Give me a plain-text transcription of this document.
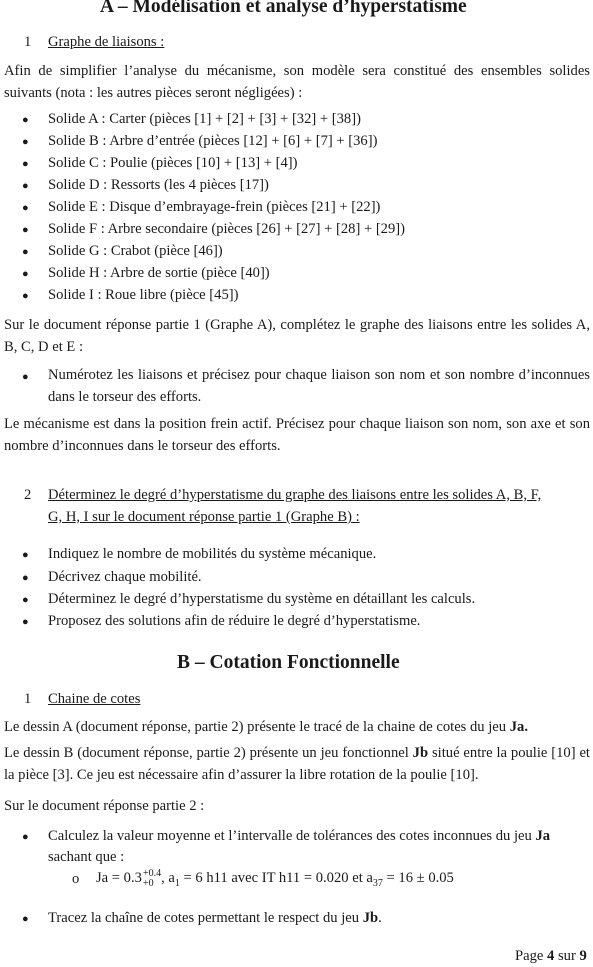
A – Modélisation et analyse d’hyperstatisme
1 Graphe de liaisons :
Afin de simplifier l’analyse du mécanisme, son modèle sera constitué des ensembles solides suivants (nota : les autres pièces seront négligées) :
● Solide A : Carter (pièces [1] + [2] + [3] + [32] + [38])
● Solide B : Arbre d’entrée (pièces [12] + [6] + [7] + [36])
● Solide C : Poulie (pièces [10] + [13] + [4])
● Solide D : Ressorts (les 4 pièces [17])
● Solide E : Disque d’embrayage-frein (pièces [21] + [22])
● Solide F : Arbre secondaire (pièces [26] + [27] + [28] + [29])
● Solide G : Crabot (pièce [46])
● Solide H : Arbre de sortie (pièce [40])
● Solide I : Roue libre (pièce [45])
Sur le document réponse partie 1 (Graphe A), complétez le graphe des liaisons entre les solides A, B, C, D et E :
● Numérotez les liaisons et précisez pour chaque liaison son nom et son nombre d’inconnues dans le torseur des efforts.
Le mécanisme est dans la position frein actif. Précisez pour chaque liaison son nom, son axe et son nombre d’inconnues dans le torseur des efforts.
2 Déterminez le degré d’hyperstatisme du graphe des liaisons entre les solides A, B, F,
G, H, I sur le document réponse partie 1 (Graphe B) :
● Indiquez le nombre de mobilités du système mécanique.
● Décrivez chaque mobilité.
● Déterminez le degré d’hyperstatisme du système en détaillant les calculs.
● Proposez des solutions afin de réduire le degré d’hyperstatisme.
B – Cotation Fonctionnelle
1 Chaine de cotes
Le dessin A (document réponse, partie 2) présente le tracé de la chaine de cotes du jeu Ja.
Le dessin B (document réponse, partie 2) présente un jeu fonctionnel Jb situé entre la poulie [10] et la pièce [3]. Ce jeu est nécessaire afin d’assurer la libre rotation de la poulie [10].
Sur le document réponse partie 2 :
● Calculez la valeur moyenne et l’intervalle de tolérances des cotes inconnues du jeu Ja
sachant que :
o Ja = 0.3 +0.4
+0 , $a_1 = 6$ h11 avec IT h11 = 0.020 et $a_{37} = 16 \pm 0.05$
● Tracez la chaîne de cotes permettant le respect du jeu Jb.
Page 4 sur 9
